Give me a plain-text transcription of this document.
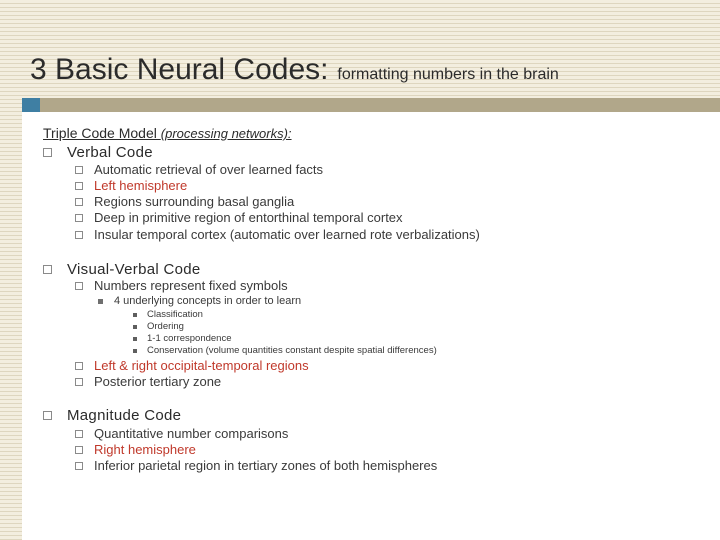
3 Basic Neural Codes: formatting numbers in the brain
Triple Code Model (processing networks):
Verbal Code
Automatic retrieval of over learned facts
Left hemisphere
Regions surrounding basal ganglia
Deep in primitive region of entorthinal temporal cortex
Insular temporal cortex (automatic over learned rote verbalizations)
Visual-Verbal Code
Numbers represent fixed symbols
4 underlying concepts in order to learn
Classification
Ordering
1-1 correspondence
Conservation (volume quantities constant despite spatial differences)
Left & right occipital-temporal regions
Posterior tertiary zone
Magnitude Code
Quantitative number comparisons
Right hemisphere
Inferior parietal region in tertiary zones of both hemispheres
